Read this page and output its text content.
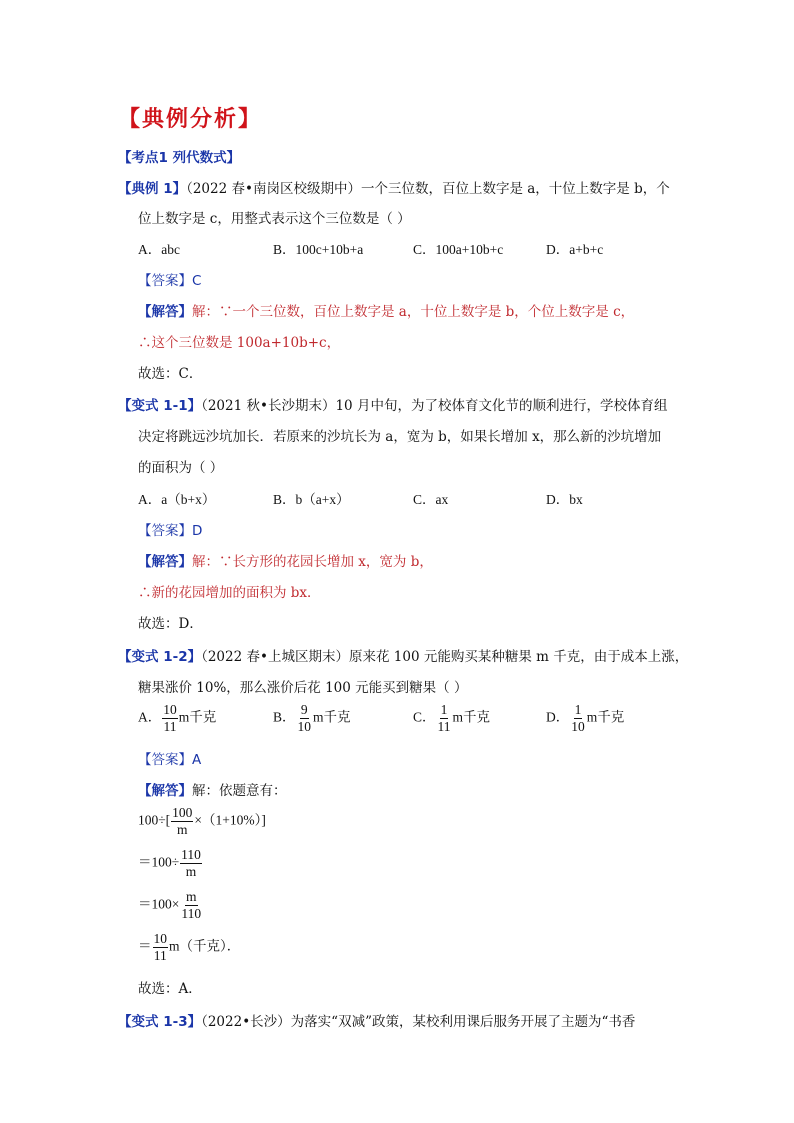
【典例分析】
【考点1 列代数式】
【典例 1】（2022 春•南岗区校级期中）一个三位数，百位上数字是 a，十位上数字是 b，个
位上数字是 c，用整式表示这个三位数是（ ）
A．abc	B．100c+10b+a	C．100a+10b+c	D．a+b+c
【答案】C
【解答】解：∵一个三位数，百位上数字是 a，十位上数字是 b，个位上数字是 c，
∴这个三位数是 100a+10b+c，
故选：C．
【变式 1-1】（2021 秋•长沙期末）10 月中旬，为了校体育文化节的顺利进行，学校体育组
决定将跳远沙坑加长．若原来的沙坑长为 a，宽为 b，如果长增加 x，那么新的沙坑增加
的面积为（ ）
A．a（b+x）	B．b（a+x）	C．ax	D．bx
【答案】D
【解答】解：∵长方形的花园长增加 x，宽为 b，
∴新的花园增加的面积为 bx．
故选：D．
【变式 1-2】（2022 春•上城区期末）原来花 100 元能购买某种糖果 m 千克，由于成本上涨，
糖果涨价 10%，那么涨价后花 100 元能买到糖果（ ）
A． $\frac{10}{11}$ m千克	B． $\frac{9}{10}$ m千克	C． $\frac{1}{11}$ m千克	D． $\frac{1}{10}$ m千克
【答案】A
【解答】解：依题意有：
$100\div[ \frac{100}{m} \times(1+10\%)]$
$=100\div \frac{110}{m}$
$=100\times \frac{m}{110}$
＝ $\frac{10}{11} m$（千克）．
故选：A．
【变式 1-3】（2022•长沙）为落实“双减”政策，某校利用课后服务开展了主题为“书香
